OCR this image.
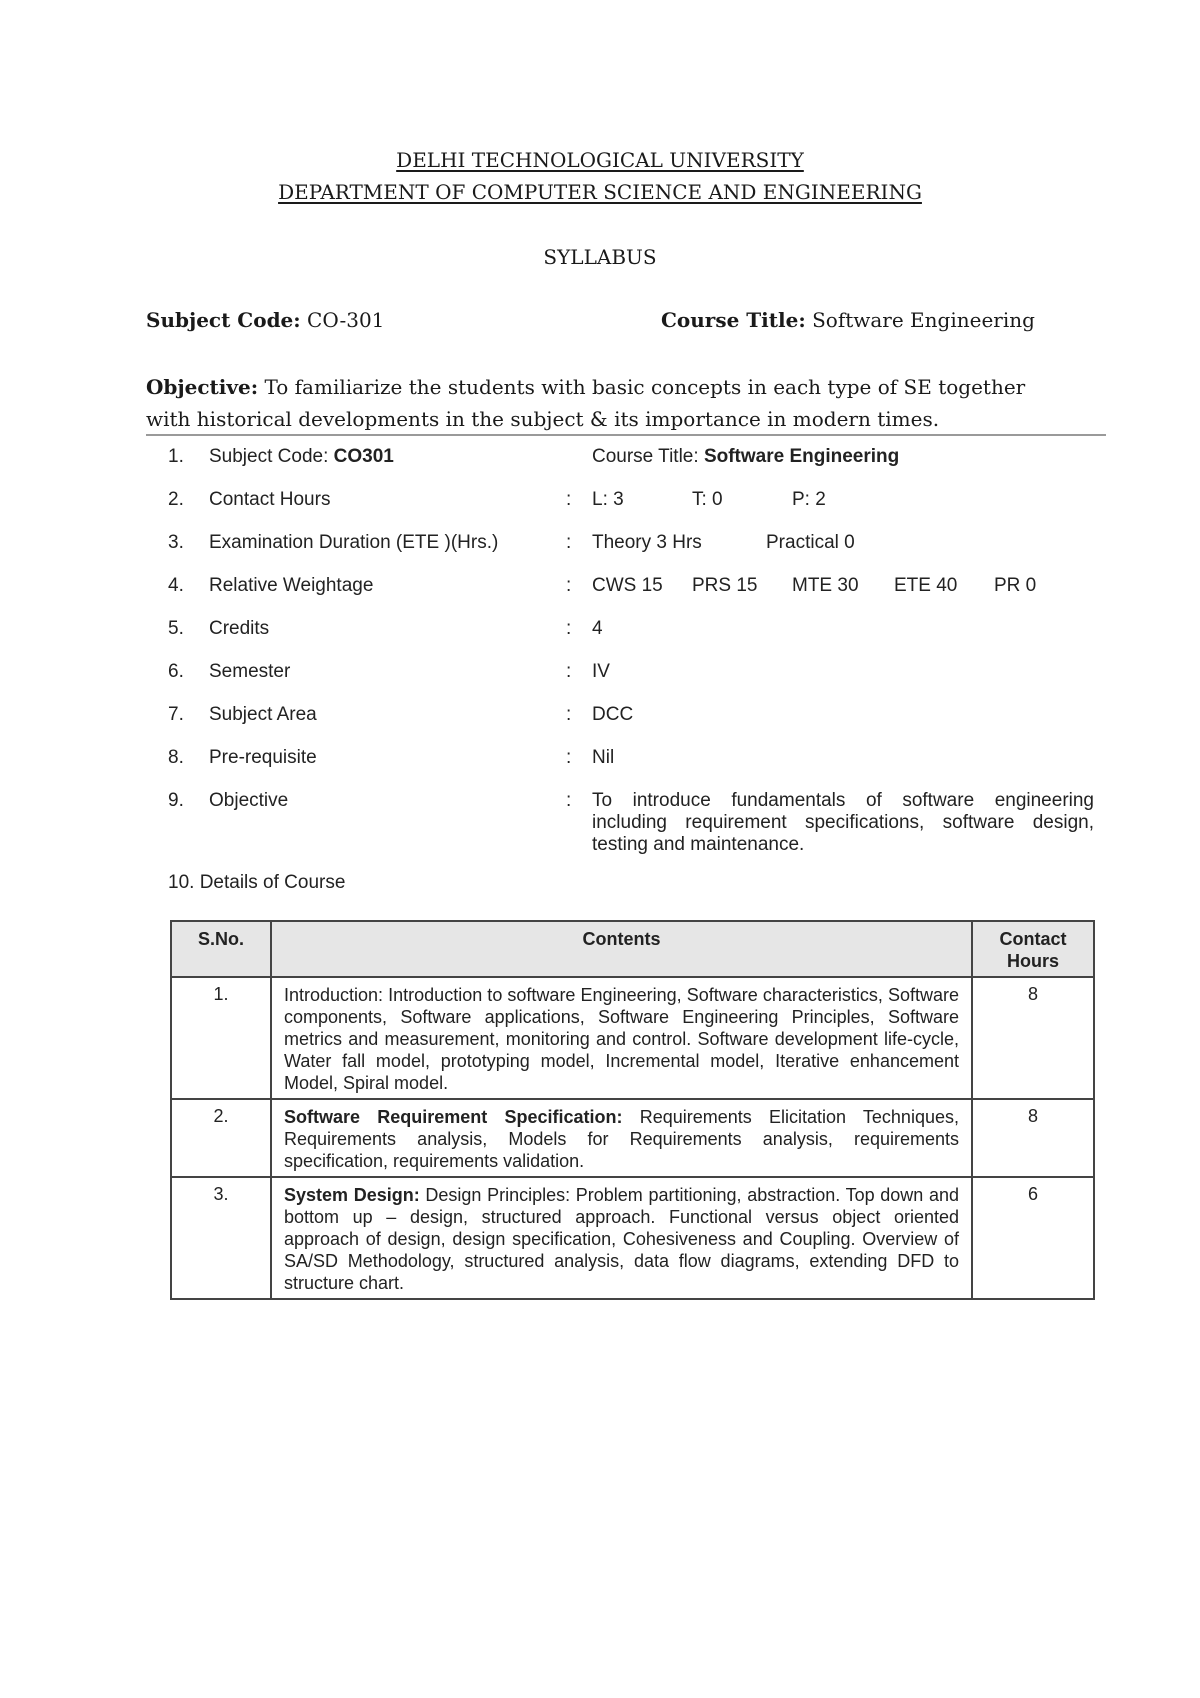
DELHI TECHNOLOGICAL UNIVERSITY
DEPARTMENT OF COMPUTER SCIENCE AND ENGINEERING
SYLLABUS
Subject Code: CO-301	Course Title: Software Engineering
Objective: To familiarize the students with basic concepts in each type of SE together with historical developments in the subject & its importance in modern times.
1. Subject Code: CO301	Course Title: Software Engineering
2. Contact Hours	: L: 3	T: 0	P: 2
3. Examination Duration (ETE )(Hrs.)	: Theory 3 Hrs	Practical 0
4. Relative Weightage	: CWS 15 PRS 15 MTE 30 ETE 40 PR 0
5. Credits	: 4
6. Semester	: IV
7. Subject Area	: DCC
8. Pre-requisite	: Nil
9. Objective	: To introduce fundamentals of software engineering including requirement specifications, software design, testing and maintenance.
10. Details of Course
S.No.	Contents	Contact Hours
1.	Introduction: Introduction to software Engineering, Software characteristics, Software components, Software applications, Software Engineering Principles, Software metrics and measurement, monitoring and control. Software development life-cycle, Water fall model, prototyping model, Incremental model, Iterative enhancement Model, Spiral model.	8
2.	Software Requirement Specification: Requirements Elicitation Techniques, Requirements analysis, Models for Requirements analysis, requirements specification, requirements validation.	8
3.	System Design: Design Principles: Problem partitioning, abstraction. Top down and bottom up – design, structured approach. Functional versus object oriented approach of design, design specification, Cohesiveness and Coupling. Overview of SA/SD Methodology, structured analysis, data flow diagrams, extending DFD to structure chart.	6
